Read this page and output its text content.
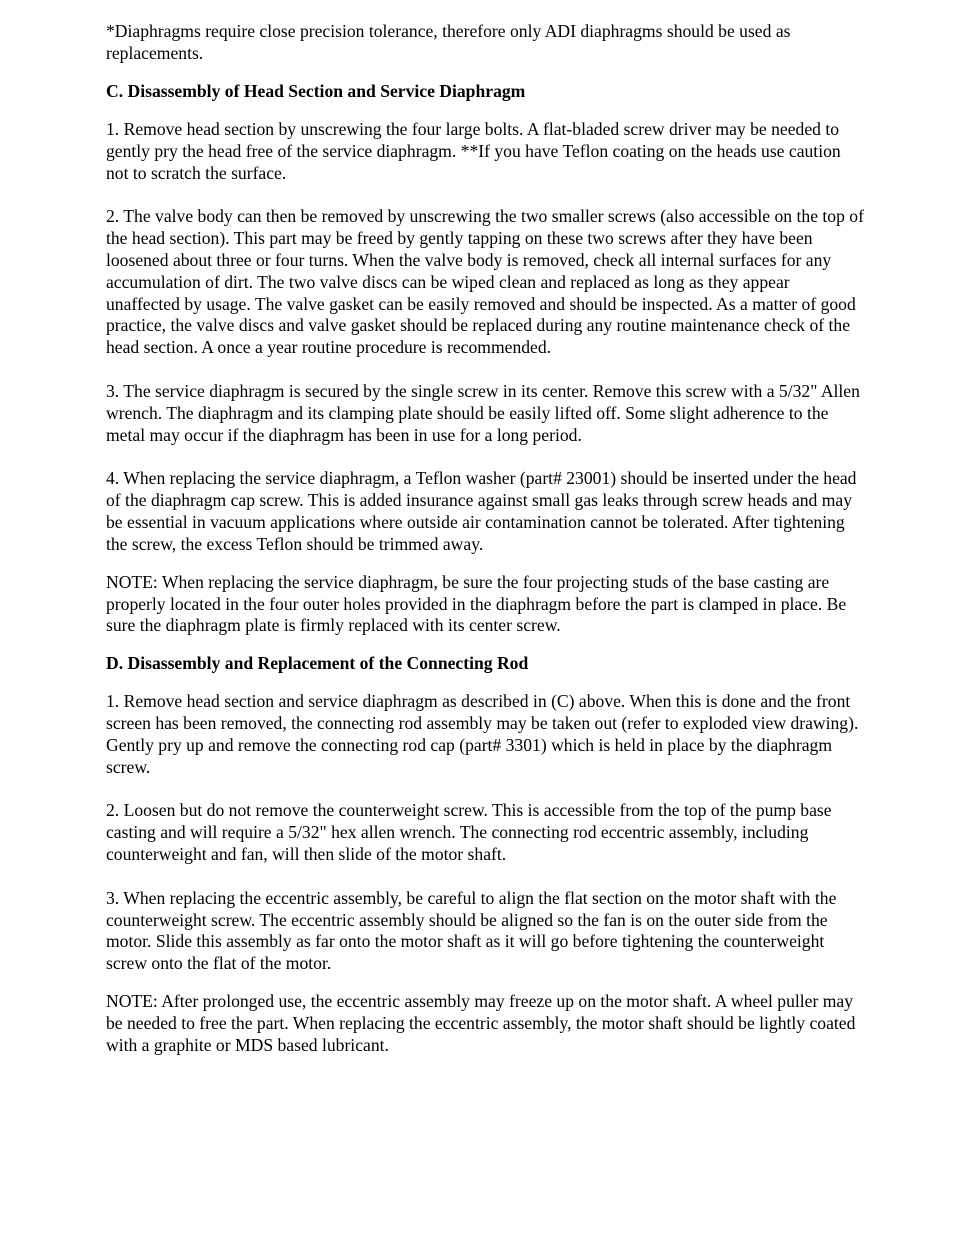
*Diaphragms require close precision tolerance, therefore only ADI diaphragms should be used as replacements.

C. Disassembly of Head Section and Service Diaphragm

1. Remove head section by unscrewing the four large bolts. A flat-bladed screw driver may be needed to gently pry the head free of the service diaphragm. **If you have Teflon coating on the heads use caution not to scratch the surface.

2. The valve body can then be removed by unscrewing the two smaller screws (also accessible on the top of the head section). This part may be freed by gently tapping on these two screws after they have been loosened about three or four turns. When the valve body is removed, check all internal surfaces for any accumulation of dirt. The two valve discs can be wiped clean and replaced as long as they appear unaffected by usage. The valve gasket can be easily removed and should be inspected. As a matter of good practice, the valve discs and valve gasket should be replaced during any routine maintenance check of the head section. A once a year routine procedure is recommended.

3. The service diaphragm is secured by the single screw in its center. Remove this screw with a 5/32" Allen wrench. The diaphragm and its clamping plate should be easily lifted off. Some slight adherence to the metal may occur if the diaphragm has been in use for a long period.

4. When replacing the service diaphragm, a Teflon washer (part# 23001) should be inserted under the head of the diaphragm cap screw. This is added insurance against small gas leaks through screw heads and may be essential in vacuum applications where outside air contamination cannot be tolerated. After tightening the screw, the excess Teflon should be trimmed away.

NOTE: When replacing the service diaphragm, be sure the four projecting studs of the base casting are properly located in the four outer holes provided in the diaphragm before the part is clamped in place. Be sure the diaphragm plate is firmly replaced with its center screw.

D. Disassembly and Replacement of the Connecting Rod

1. Remove head section and service diaphragm as described in (C) above. When this is done and the front screen has been removed, the connecting rod assembly may be taken out (refer to exploded view drawing). Gently pry up and remove the connecting rod cap (part# 3301) which is held in place by the diaphragm screw.

2. Loosen but do not remove the counterweight screw. This is accessible from the top of the pump base casting and will require a 5/32" hex allen wrench. The connecting rod eccentric assembly, including counterweight and fan, will then slide of the motor shaft.

3. When replacing the eccentric assembly, be careful to align the flat section on the motor shaft with the counterweight screw. The eccentric assembly should be aligned so the fan is on the outer side from the motor. Slide this assembly as far onto the motor shaft as it will go before tightening the counterweight screw onto the flat of the motor.

NOTE: After prolonged use, the eccentric assembly may freeze up on the motor shaft. A wheel puller may be needed to free the part. When replacing the eccentric assembly, the motor shaft should be lightly coated with a graphite or MDS based lubricant.
